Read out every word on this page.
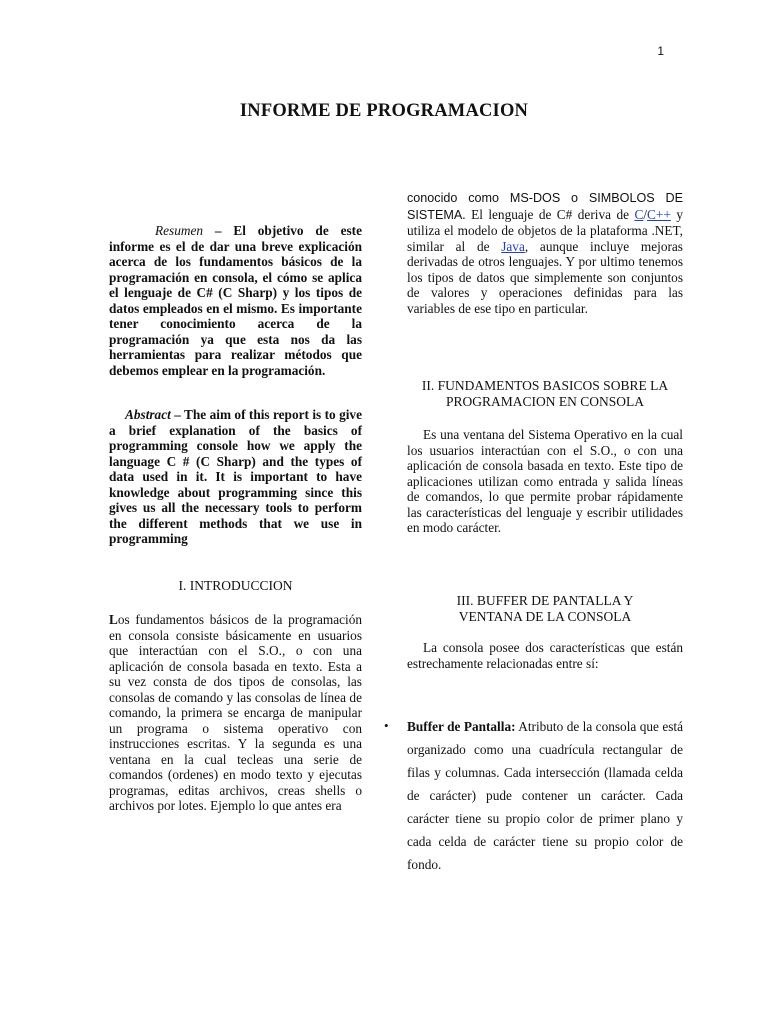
1
INFORME DE PROGRAMACION

Resumen – El objetivo de este informe es el de dar una breve explicación acerca de los fundamentos básicos de la programación en consola, el cómo se aplica el lenguaje de C# (C Sharp) y los tipos de datos empleados en el mismo. Es importante tener conocimiento acerca de la programación ya que esta nos da las herramientas para realizar métodos que debemos emplear en la programación.

Abstract – The aim of this report is to give a brief explanation of the basics of programming console how we apply the language C # (C Sharp) and the types of data used in it. It is important to have knowledge about programming since this gives us all the necessary tools to perform the different methods that we use in programming

I. INTRODUCCION

Los fundamentos básicos de la programación en consola consiste básicamente en usuarios que interactúan con el S.O., o con una aplicación de consola basada en texto. Esta a su vez consta de dos tipos de consolas, las consolas de comando y las consolas de línea de comando, la primera se encarga de manipular un programa o sistema operativo con instrucciones escritas. Y la segunda es una ventana en la cual tecleas una serie de comandos (ordenes) en modo texto y ejecutas programas, editas archivos, creas shells o archivos por lotes. Ejemplo lo que antes era

conocido como MS-DOS o SIMBOLOS DE SISTEMA. El lenguaje de C# deriva de C/C++ y utiliza el modelo de objetos de la plataforma .NET, similar al de Java, aunque incluye mejoras derivadas de otros lenguajes. Y por ultimo tenemos los tipos de datos que simplemente son conjuntos de valores y operaciones definidas para las variables de ese tipo en particular.

II. FUNDAMENTOS BASICOS SOBRE LA PROGRAMACION EN CONSOLA

Es una ventana del Sistema Operativo en la cual los usuarios interactúan con el S.O., o con una aplicación de consola basada en texto. Este tipo de aplicaciones utilizan como entrada y salida líneas de comandos, lo que permite probar rápidamente las características del lenguaje y escribir utilidades en modo carácter.

III. BUFFER DE PANTALLA Y VENTANA DE LA CONSOLA

La consola posee dos características que están estrechamente relacionadas entre sí:

• Buffer de Pantalla: Atributo de la consola que está organizado como una cuadrícula rectangular de filas y columnas. Cada intersección (llamada celda de carácter) pude contener un carácter. Cada carácter tiene su propio color de primer plano y cada celda de carácter tiene su propio color de fondo.
